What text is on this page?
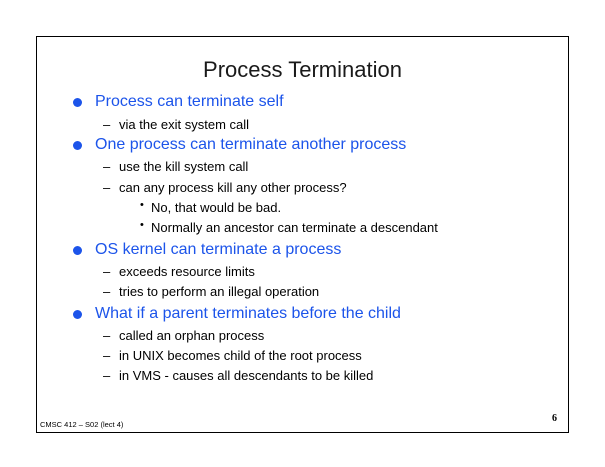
Process Termination
Process can terminate self
– via the exit system call
One process can terminate another process
– use the kill system call
– can any process kill any other process?
• No, that would be bad.
• Normally an ancestor can terminate a descendant
OS kernel can terminate a process
– exceeds resource limits
– tries to perform an illegal operation
What if a parent terminates before the child
– called an orphan process
– in UNIX becomes child of the root process
– in VMS - causes all descendants to be killed
CMSC 412 – S02 (lect 4)
6
